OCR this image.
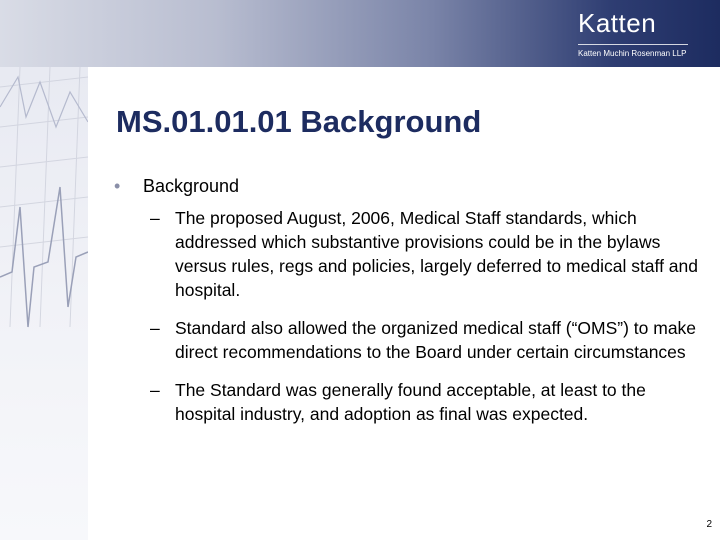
Katten
Katten Muchin Rosenman LLP
MS.01.01.01 Background
•	Background
– The proposed August, 2006, Medical Staff standards, which addressed which substantive provisions could be in the bylaws versus rules, regs and policies, largely deferred to medical staff and hospital.
– Standard also allowed the organized medical staff (“OMS”) to make direct recommendations to the Board under certain circumstances
– The Standard was generally found acceptable, at least to the hospital industry, and adoption as final was expected.
2
